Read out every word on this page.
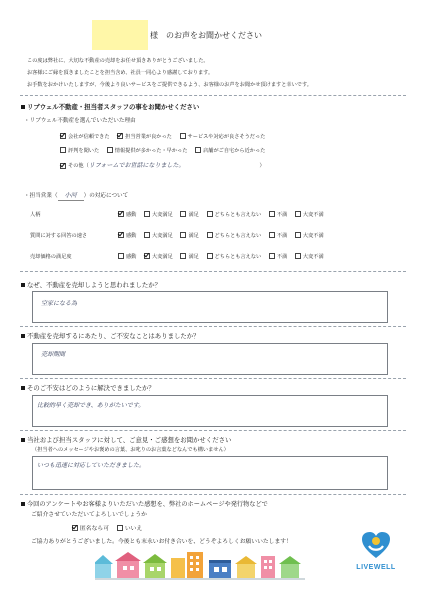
様　のお声をお聞かせください
この度は弊社に、大切な不動産の売却をお任せ頂きありがとうございました。
お客様にご縁を頂きましたことを担当含め、社員一同心より感謝しております。
お手数をおかけいたしますが、今後より良いサービスをご提供できるよう、お客様のお声をお聞かせ頂けますと幸いです。
リブウェル不動産・担当者スタッフの事をお聞かせください
・リブウェル不動産を選んでいただいた理由
会社が信頼できた	担当営業が良かった	サービスや対応が良さそうだった
評判を聞いた	情報提供が多かった・早かった	店舗がご自宅から近かった
その他（リフォームでお世話になりました。	）
・担当営業（ 小河 ）の対応について
人柄	感動	大変満足	満足	どちらとも言えない	不満	大変不満
質問に対する回答の速さ	感動	大変満足	満足	どちらとも言えない	不満	大変不満
売却価格の満足度	感動	大変満足	満足	どちらとも言えない	不満	大変不満
なぜ、不動産を売却しようと思われましたか？
空家になる為
不動産を売却するにあたり、ご不安なことはありましたか？
売却期間
そのご不安はどのように解決できましたか？
比較的早く売却でき、ありがたいです。
当社および担当スタッフに対して、ご意見・ご感想をお聞かせください
（担当者へのメッセージやお褒めの言葉、お叱りのお言葉などなんでも構いません）
いつも迅速に対応していただきました。
今回のアンケートやお客様よりいただいた感想を、弊社のホームページや発行物などで
ご紹介させていただいてよろしいでしょうか
匿名なら可	いいえ
ご協力ありがとうございました。今後とも末永いお付き合いを、どうぞよろしくお願いいたします！
LIVEWELL
